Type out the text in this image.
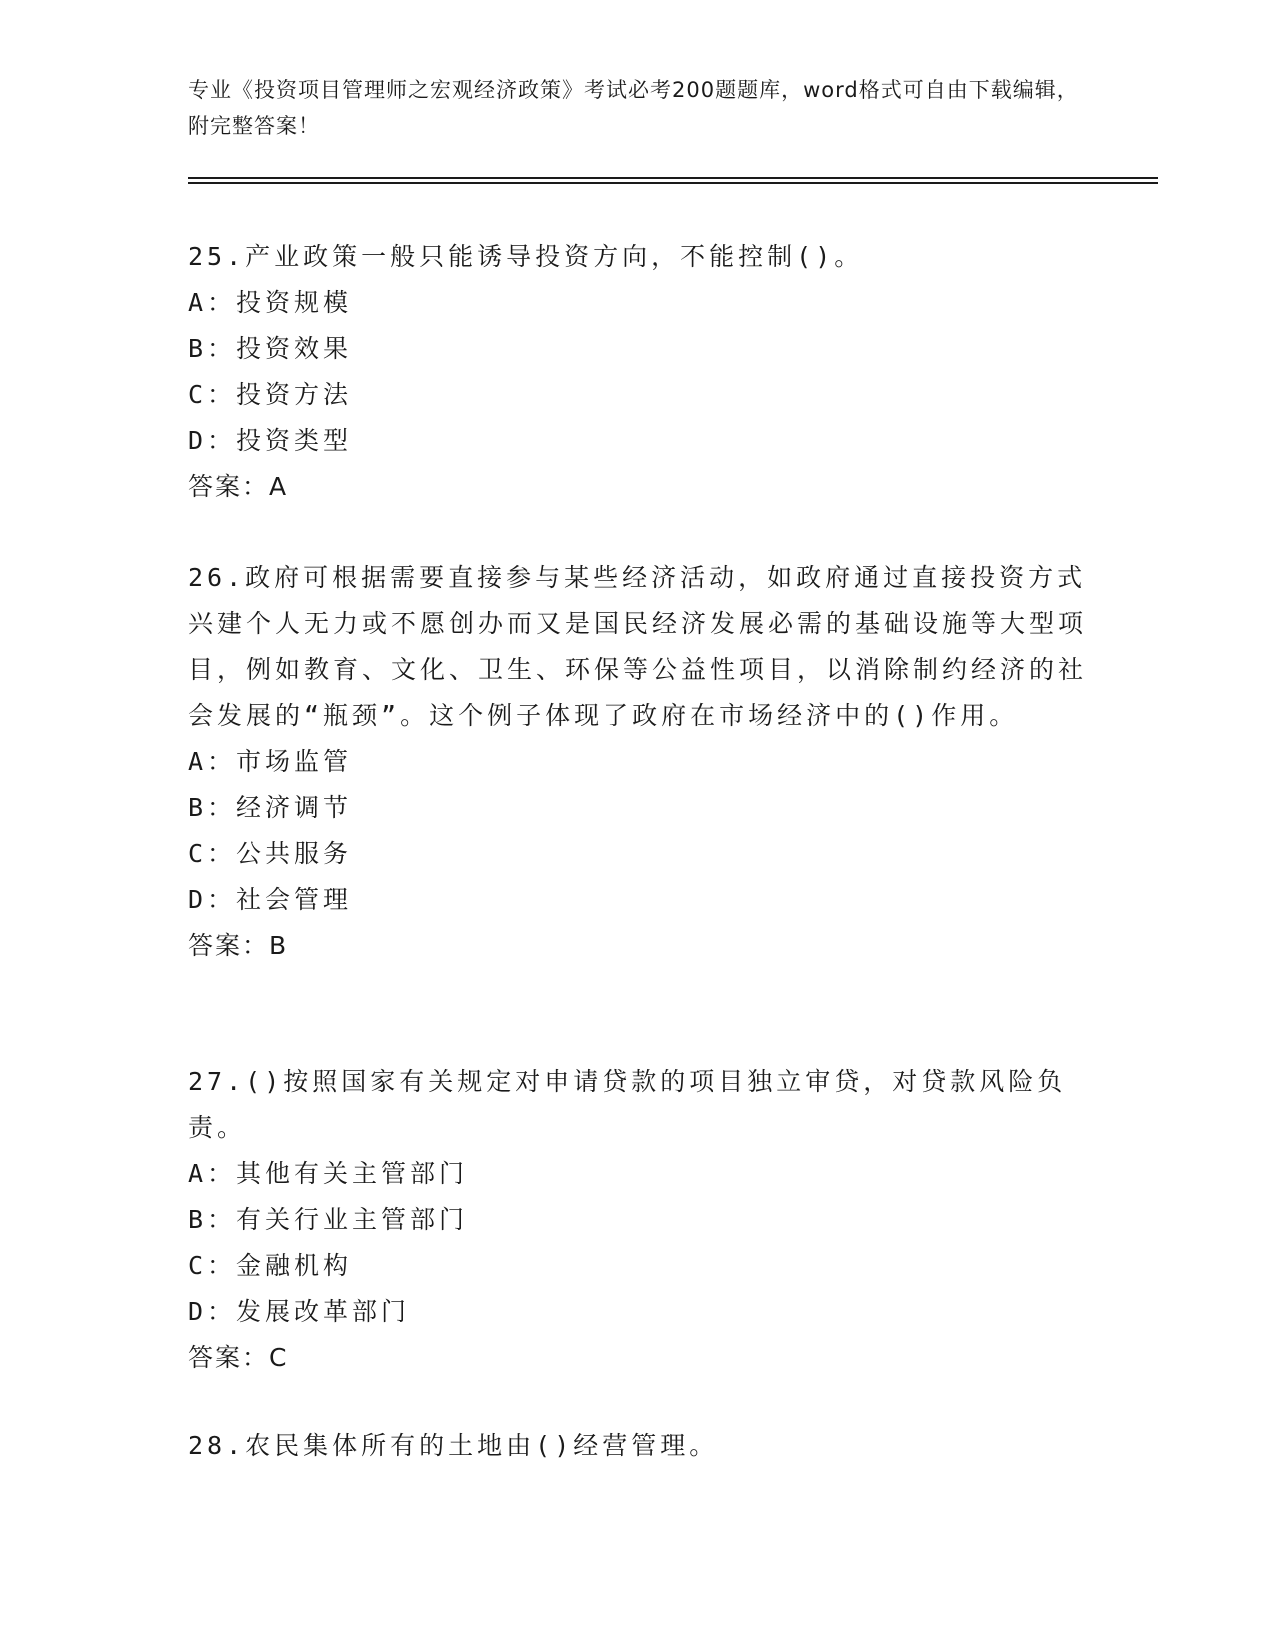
专业《投资项目管理师之宏观经济政策》考试必考200题题库，word格式可自由下载编辑，附完整答案！
25.产业政策一般只能诱导投资方向，不能控制()。
A：投资规模
B：投资效果
C：投资方法
D：投资类型
答案：A
26.政府可根据需要直接参与某些经济活动，如政府通过直接投资方式兴建个人无力或不愿创办而又是国民经济发展必需的基础设施等大型项目，例如教育、文化、卫生、环保等公益性项目，以消除制约经济的社会发展的“瓶颈”。这个例子体现了政府在市场经济中的()作用。
A：市场监管
B：经济调节
C：公共服务
D：社会管理
答案：B
27.()按照国家有关规定对申请贷款的项目独立审贷，对贷款风险负责。
A：其他有关主管部门
B：有关行业主管部门
C：金融机构
D：发展改革部门
答案：C
28.农民集体所有的土地由()经营管理。
